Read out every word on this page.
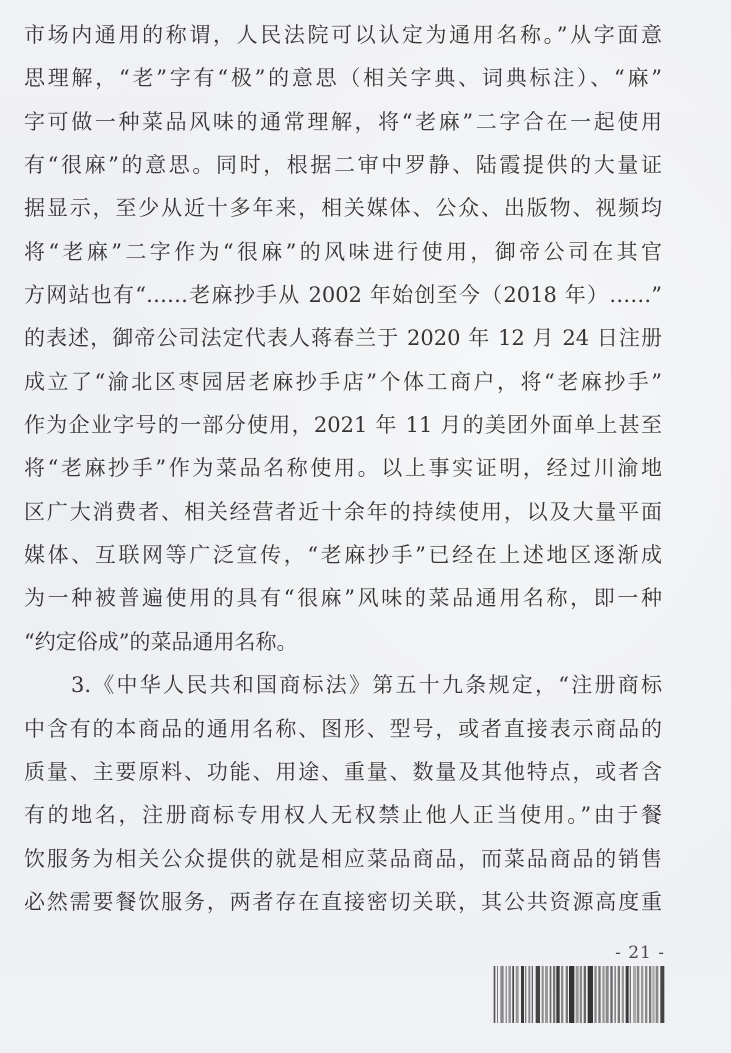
市场内通用的称谓，人民法院可以认定为通用名称。”从字面意
思理解，“老”字有“极”的意思（相关字典、词典标注）、“麻”
字可做一种菜品风味的通常理解，将“老麻”二字合在一起使用
有“很麻”的意思。同时，根据二审中罗静、陆霞提供的大量证
据显示，至少从近十多年来，相关媒体、公众、出版物、视频均
将“老麻”二字作为“很麻”的风味进行使用，御帝公司在其官
方网站也有“……老麻抄手从 2002 年始创至今（2018 年）……”
的表述，御帝公司法定代表人蒋春兰于 2020 年 12 月 24 日注册
成立了“渝北区枣园居老麻抄手店”个体工商户，将“老麻抄手”
作为企业字号的一部分使用，2021 年 11 月的美团外面单上甚至
将“老麻抄手”作为菜品名称使用。以上事实证明，经过川渝地
区广大消费者、相关经营者近十余年的持续使用，以及大量平面
媒体、互联网等广泛宣传，“老麻抄手”已经在上述地区逐渐成
为一种被普遍使用的具有“很麻”风味的菜品通用名称，即一种
“约定俗成”的菜品通用名称。
3.《中华人民共和国商标法》第五十九条规定，“注册商标
中含有的本商品的通用名称、图形、型号，或者直接表示商品的
质量、主要原料、功能、用途、重量、数量及其他特点，或者含
有的地名，注册商标专用权人无权禁止他人正当使用。”由于餐
饮服务为相关公众提供的就是相应菜品商品，而菜品商品的销售
必然需要餐饮服务，两者存在直接密切关联，其公共资源高度重
- 21 -
